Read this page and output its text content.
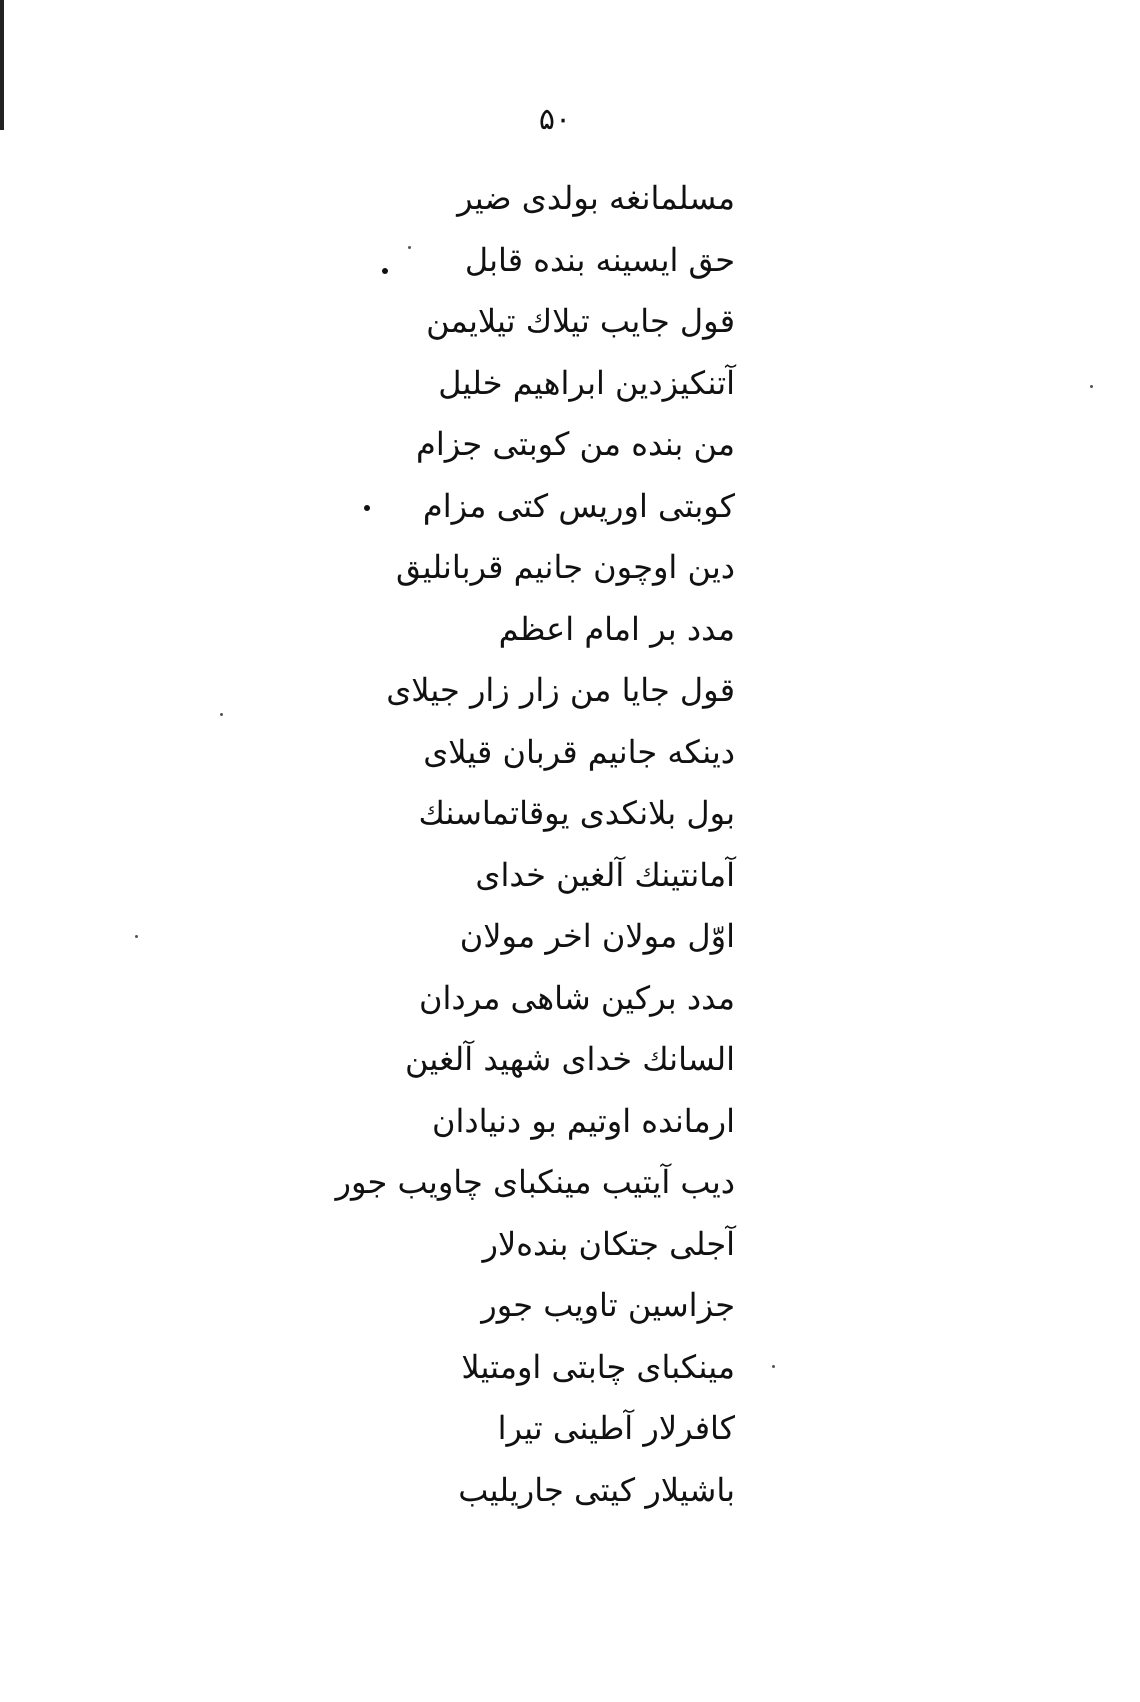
۵۰
مسلمانغه بولدی ضیر
حق ایسینه بنده قابل
قول جایب تیلاك تیلایمن
آتنکیزدین ابراهیم خلیل
من بنده من کوبتی جزام
کوبتی اوریس کتی مزام
دین اوچون جانیم قربانلیق
مدد بر امام اعظم
قول جایا من زار زار جیلای
دینکه جانیم قربان قیلای
بول بلانکدی یوقاتماسنك
آمانتینك آلغین خدای
اوّل مولان اخر مولان
مدد برکین شاهی مردان
السانك خدای شهید آلغین
ارمانده اوتیم بو دنیادان
دیب آیتیب مینکبای چاویب جور
آجلی جتکان بنده‌لار
جزاسین تاویب جور
مینکبای چابتی اومتیلا
کافرلار آطینی تیرا
باشیلار کیتی جاریلیب
